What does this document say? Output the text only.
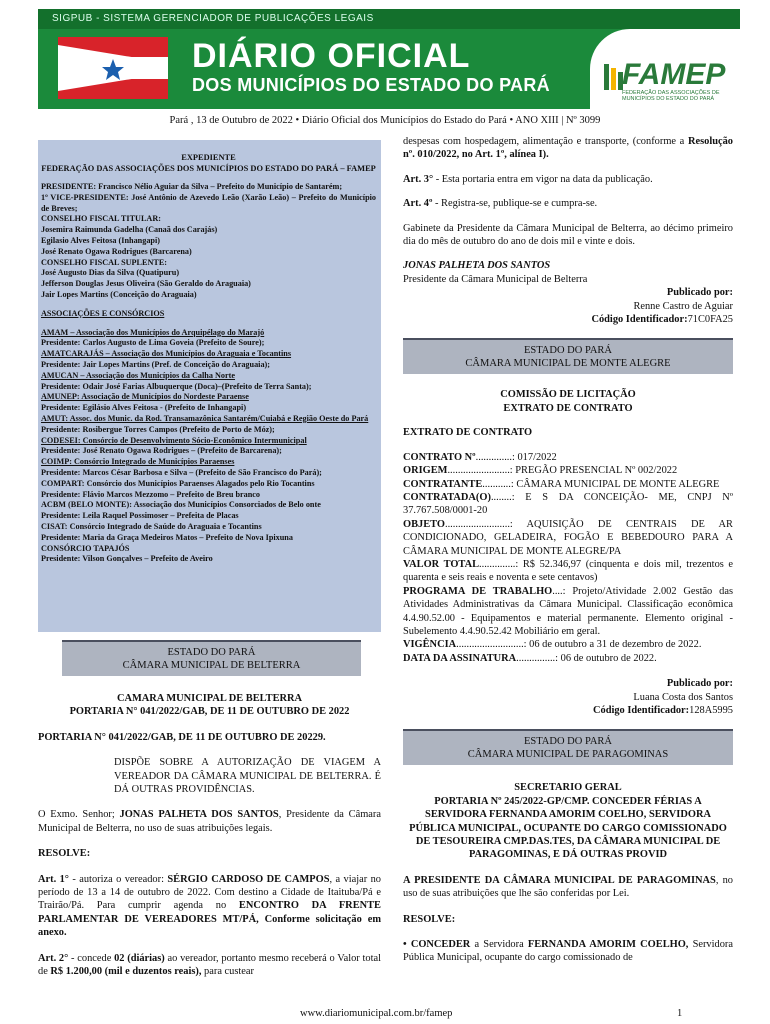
SIGPUB - SISTEMA GERENCIADOR DE PUBLICAÇÕES LEGAIS
DIÁRIO OFICIAL
DOS MUNICÍPIOS DO ESTADO DO PARÁ FAMEP
FEDERAÇÃO DAS ASSOCIAÇÕES DE MUNICÍPIOS DO ESTADO DO PARÁ
Pará , 13 de Outubro de 2022 • Diário Oficial dos Municípios do Estado do Pará • ANO XIII | Nº 3099
EXPEDIENTE
FEDERAÇÃO DAS ASSOCIAÇÕES DOS MUNICÍPIOS DO ESTADO DO PARÁ – FAMEP
PRESIDENTE: Francisco Nélio Aguiar da Silva – Prefeito do Município de Santarém;
1º VICE-PRESIDENTE: José Antônio de Azevedo Leão (Xarão Leão) – Prefeito do Município de Breves;
CONSELHO FISCAL TITULAR:
Josemira Raimunda Gadelha (Canaã dos Carajás)
Egilasio Alves Feitosa (Inhangapi)
José Renato Ogawa Rodrigues (Barcarena)
CONSELHO FISCAL SUPLENTE:
José Augusto Dias da Silva (Quatipuru)
Jefferson Douglas Jesus Oliveira (São Geraldo do Araguaia)
Jair Lopes Martins (Conceição do Araguaia)
ASSOCIAÇÕES E CONSÓRCIOS
AMAM – Associação dos Municípios do Arquipélago do Marajó
Presidente: Carlos Augusto de Lima Goveia (Prefeito de Soure);
AMATCARAJÁS – Associação dos Municípios do Araguaia e Tocantins
Presidente: Jair Lopes Martins (Pref. de Conceição do Araguaia);
AMUCAN – Associação dos Municípios da Calha Norte
Presidente: Odair José Farias Albuquerque (Doca)–(Prefeito de Terra Santa);
AMUNEP: Associação de Municípios do Nordeste Paraense
Presidente: Egilásio Alves Feitosa - (Prefeito de Inhangapi)
AMUT: Assoc. dos Munic. da Rod. Transamazônica Santarém/Cuiabá e Região Oeste do Pará
Presidente: Rosibergue Torres Campos (Prefeito de Porto de Móz);
CODESEI: Consórcio de Desenvolvimento Sócio-Econômico Intermunicipal
Presidente: José Renato Ogawa Rodrigues – (Prefeito de Barcarena);
COIMP: Consórcio Integrado de Municípios Paraenses
Presidente: Marcos César Barbosa e Silva – (Prefeito de São Francisco do Pará);
COMPART: Consórcio dos Municípios Paraenses Alagados pelo Rio Tocantins
Presidente: Flávio Marcos Mezzomo – Prefeito de Breu branco
ACBM (BELO MONTE): Associação dos Municípios Consorciados de Belo onte
Presidente: Leila Raquel Possimoser – Prefeita de Placas
CISAT: Consórcio Integrado de Saúde do Araguaia e Tocantins
Presidente: Maria da Graça Medeiros Matos – Prefeito de Nova Ipixuna
CONSÓRCIO TAPAJÓS
Presidente: Vilson Gonçalves – Prefeito de Aveiro
ESTADO DO PARÁ
CÂMARA MUNICIPAL DE BELTERRA
CAMARA MUNICIPAL DE BELTERRA
PORTARIA N° 041/2022/GAB, DE 11 DE OUTUBRO DE 2022

PORTARIA N° 041/2022/GAB, DE 11 DE OUTUBRO DE 20229.

DISPÕE SOBRE A AUTORIZAÇÃO DE VIAGEM A VEREADOR DA CÂMARA MUNICIPAL DE BELTERRA. É DÁ OUTRAS PROVIDÊNCIAS.

O Exmo. Senhor; JONAS PALHETA DOS SANTOS, Presidente da Câmara Municipal de Belterra, no uso de suas atribuições legais.

RESOLVE:

Art. 1° - autoriza o vereador: SÉRGIO CARDOSO DE CAMPOS, a viajar no período de 13 a 14 de outubro de 2022. Com destino a Cidade de Itaituba/Pá e Trairão/Pá. Para cumprir agenda no ENCONTRO DA FRENTE PARLAMENTAR DE VEREADORES MT/PÁ, Conforme solicitação em anexo.

Art. 2° - concede 02 (diárias) ao vereador, portanto mesmo receberá o Valor total de R$ 1.200,00 (mil e duzentos reais), para custear

despesas com hospedagem, alimentação e transporte, (conforme a Resolução nº. 010/2022, no Art. 1º, alínea I).

Art. 3° - Esta portaria entra em vigor na data da publicação.

Art. 4º - Registra-se, publique-se e cumpra-se.

Gabinete da Presidente da Câmara Municipal de Belterra, ao décimo primeiro dia do mês de outubro do ano de dois mil e vinte e dois.

JONAS PALHETA DOS SANTOS

Presidente da Câmara Municipal de Belterra

Publicado por:

Renne Castro de Aguiar

Código Identificador:71C0FA25

ESTADO DO PARÁ
CÂMARA MUNICIPAL DE MONTE ALEGRE
COMISSÃO DE LICITAÇÃO
EXTRATO DE CONTRATO

EXTRATO DE CONTRATO

CONTRATO Nº..............: 017/2022

ORIGEM........................: PREGÃO PRESENCIAL Nº 002/2022

CONTRATANTE...........: CÂMARA MUNICIPAL DE MONTE ALEGRE

CONTRATADA(O)........: E S DA CONCEIÇÃO- ME, CNPJ Nº 37.767.508/0001-20

OBJETO.........................: AQUISIÇÃO DE CENTRAIS DE AR CONDICIONADO, GELADEIRA, FOGÃO E BEBEDOURO PARA A CÂMARA MUNICIPAL DE MONTE ALEGRE/PA

VALOR TOTAL..............: R$ 52.346,97 (cinquenta e dois mil, trezentos e quarenta e seis reais e noventa e sete centavos)

PROGRAMA DE TRABALHO....: Projeto/Atividade 2.002 Gestão das Atividades Administrativas da Câmara Municipal. Classificação econômica 4.4.90.52.00 - Equipamentos e material permanente. Elemento original - Subelemento 4.4.90.52.42 Mobiliário em geral.

VIGÊNCIA..........................: 06 de outubro a 31 de dezembro de 2022.

DATA DA ASSINATURA...............: 06 de outubro de 2022.

Publicado por:

Luana Costa dos Santos

Código Identificador:128A5995

ESTADO DO PARÁ
CÂMARA MUNICIPAL DE PARAGOMINAS
SECRETARIO GERAL
PORTARIA Nº 245/2022-GP/CMP. CONCEDER FÉRIAS A SERVIDORA FERNANDA AMORIM COELHO, SERVIDORA PÚBLICA MUNICIPAL, OCUPANTE DO CARGO COMISSIONADO DE TESOUREIRA CMP.DAS.TES, DA CÂMARA MUNICIPAL DE PARAGOMINAS, E DÁ OUTRAS PROVID

A PRESIDENTE DA CÂMARA MUNICIPAL DE PARAGOMINAS, no uso de suas atribuições que lhe são conferidas por Lei.

RESOLVE:

• CONCEDER a Servidora FERNANDA AMORIM COELHO, Servidora Pública Municipal, ocupante do cargo comissionado de

www.diariomunicipal.com.br/famep	1
